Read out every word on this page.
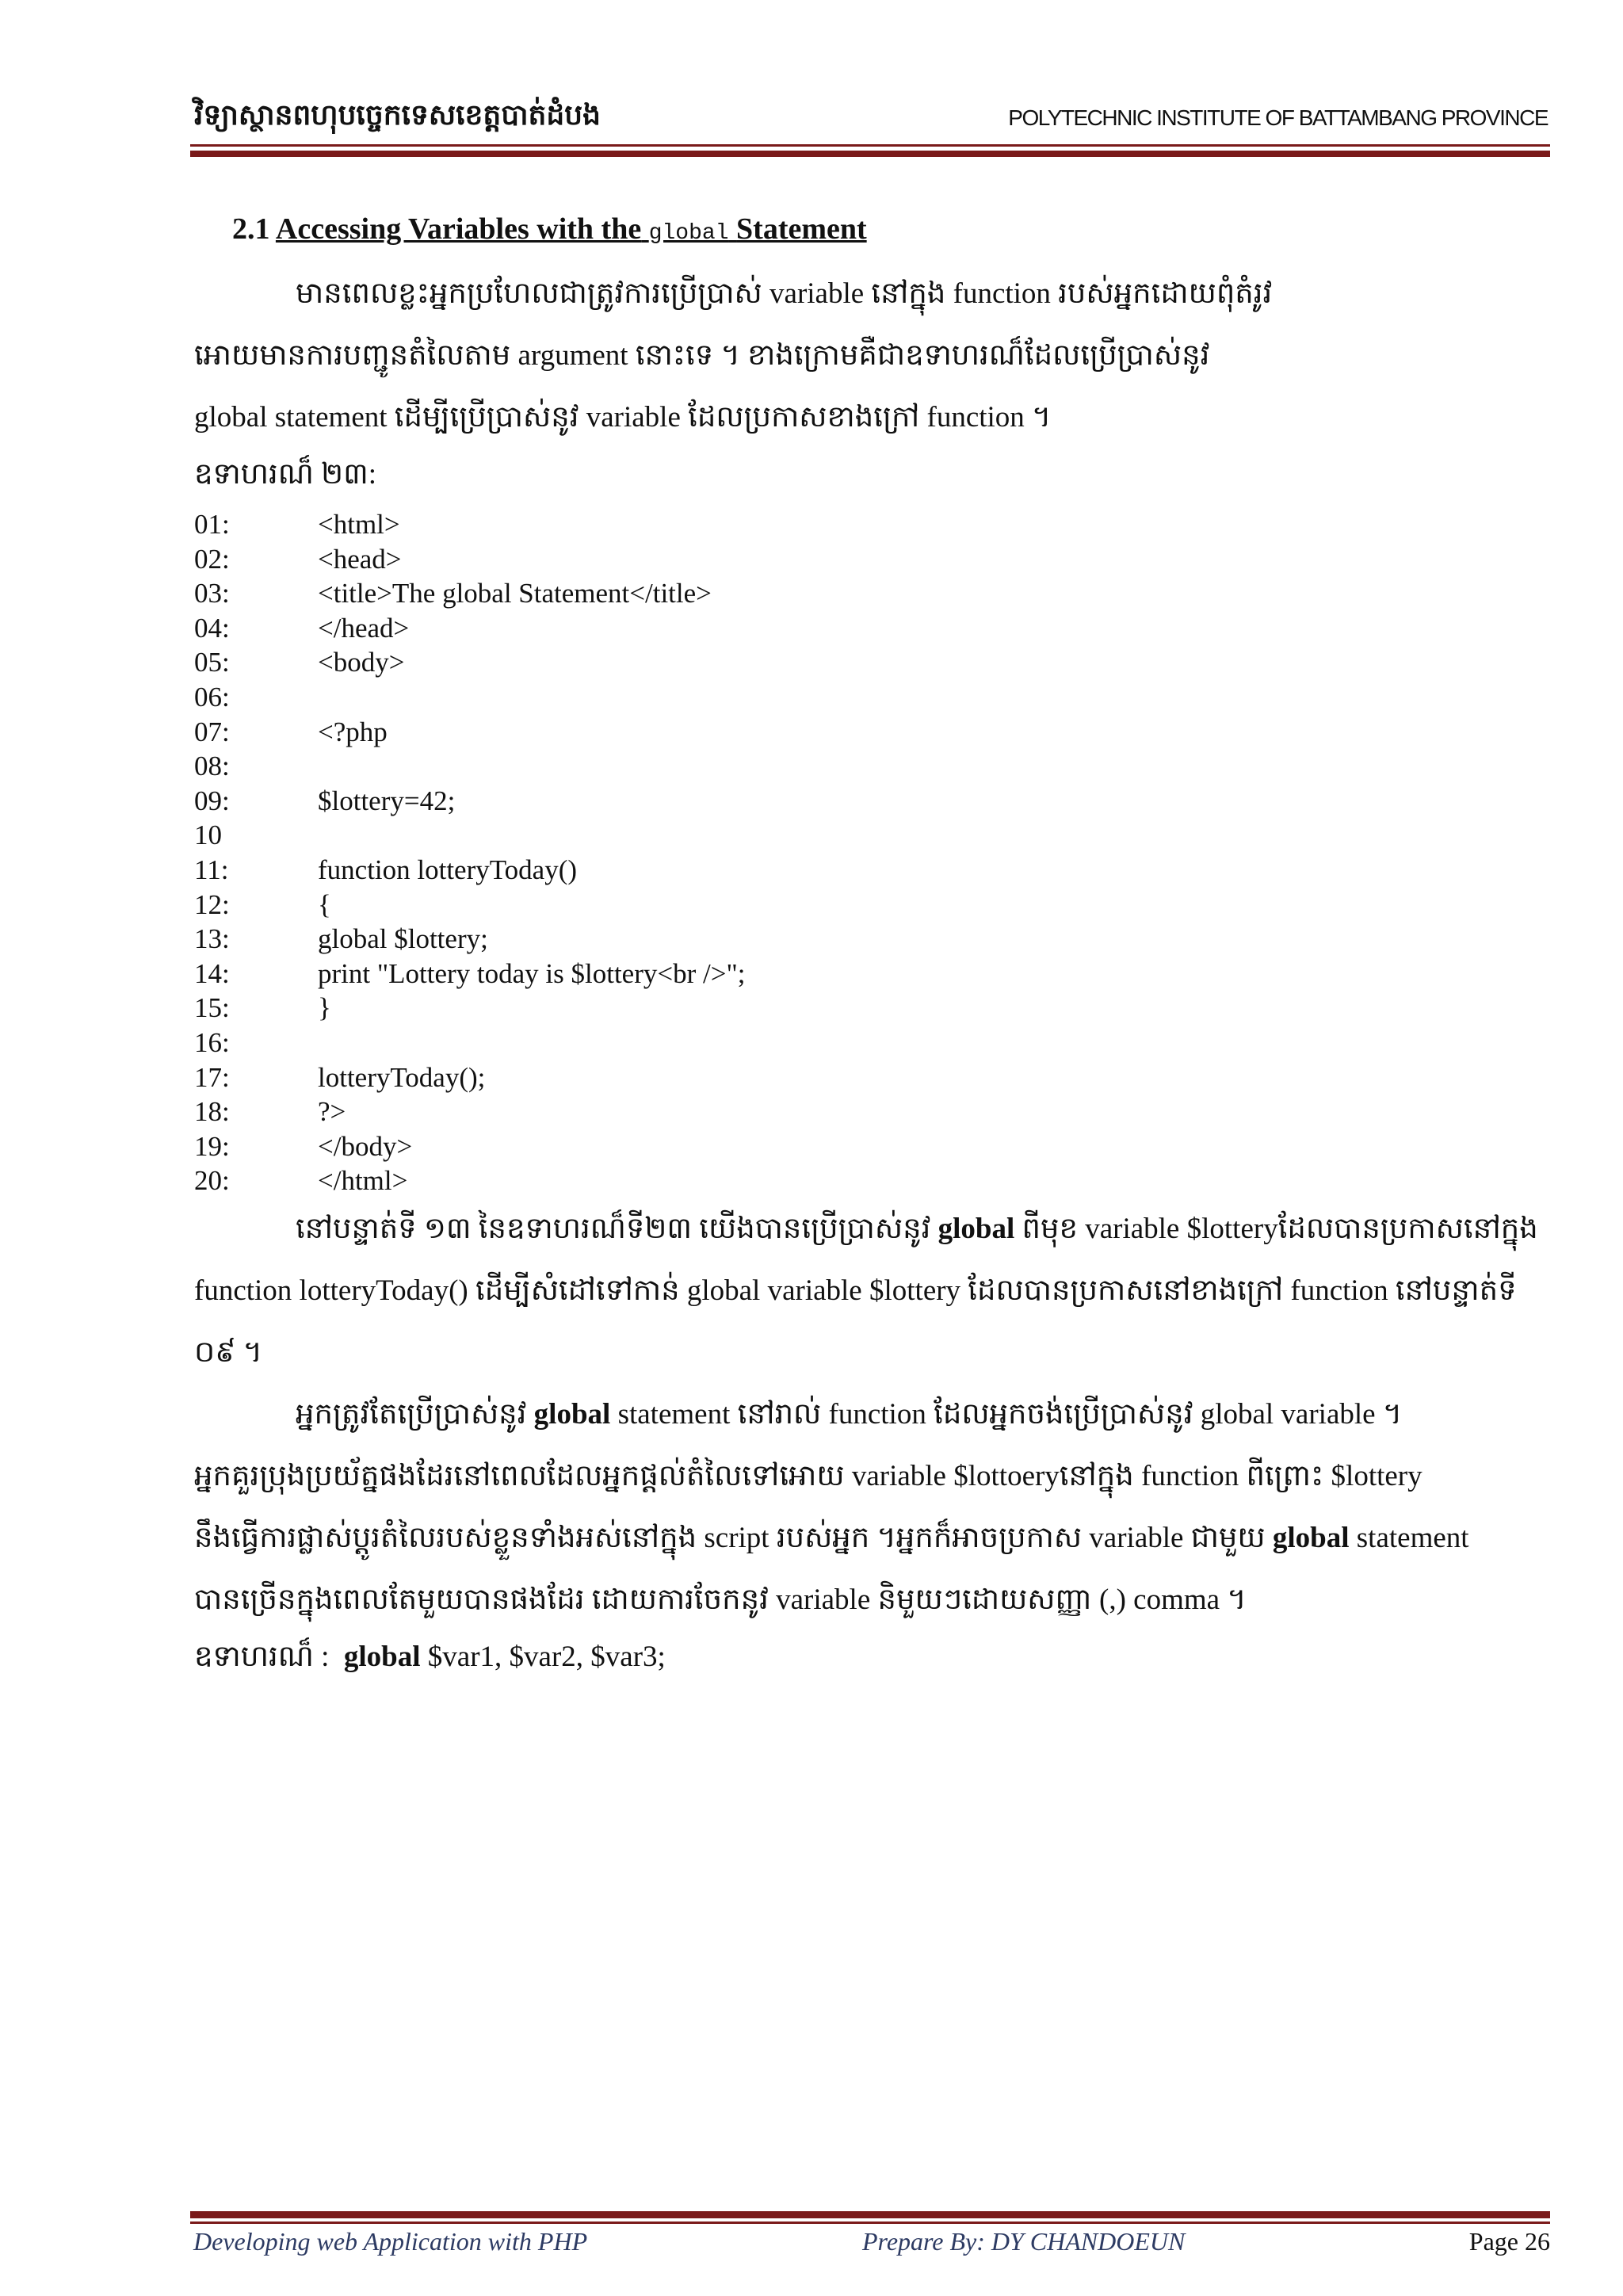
វិទ្យាស្ថានពហុបច្ចេកទេសខេត្តបាត់ដំបង	POLYTECHNIC INSTITUTE OF BATTAMBANG PROVINCE
2.1 Accessing Variables with the global Statement
មានពេលខ្លះអ្នកប្រហែលជាត្រូវការប្រើប្រាស់ variable នៅក្នុង function របស់អ្នកដោយពុំតំរូវ
អោយមានការបញ្ជូនតំលៃតាម argument នោះទេ ។ ខាងក្រោមគឺជាឧទាហរណ៏ដែលប្រើប្រាស់នូវ
global statement ដើម្បីប្រើប្រាស់នូវ variable ដែលប្រកាសខាងក្រៅ function ។
ឧទាហរណ៏ ២៣:
01:	<html>
02:	<head>
03:	<title>The global Statement</title>
04:	</head>
05:	<body>
06:
07:	<?php
08:
09:	$lottery=42;
10
11:	function lotteryToday()
12:	{
13:	global $lottery;
14:	print "Lottery today is $lottery<br />";
15:	}
16:
17:	lotteryToday();
18:	?>
19:	</body>
20:	</html>
នៅបន្ទាត់ទី ១៣ នៃឧទាហរណ៏ទី២៣ យើងបានប្រើប្រាស់នូវ global ពីមុខ variable $lotteryដែលបានប្រកាសនៅក្នុង
function lotteryToday() ដើម្បីសំដៅទៅកាន់ global variable $lottery ដែលបានប្រកាសនៅខាងក្រៅ function នៅបន្ទាត់ទី
០៩ ។
អ្នកត្រូវតែប្រើប្រាស់នូវ global statement នៅរាល់ function ដែលអ្នកចង់ប្រើប្រាស់នូវ global variable ។
អ្នកគួរប្រុងប្រយ័ត្នផងដែរនៅពេលដែលអ្នកផ្តល់តំលៃទៅអោយ variable $lottoeryនៅក្នុង function ពីព្រោះ $lottery
នឹងធ្វើការផ្លាស់ប្តូរតំលៃរបស់ខ្លួនទាំងអស់នៅក្នុង script របស់អ្នក ។អ្នកក៏អាចប្រកាស variable ជាមួយ global statement
បានច្រើនក្នុងពេលតែមួយបានផងដែរ ដោយការចែកនូវ variable និមួយៗដោយសញ្ញា (,) comma ។
ឧទាហរណ៏ : global $var1, $var2, $var3;
Developing web Application with PHP	Prepare By: DY CHANDOEUN	Page 26
